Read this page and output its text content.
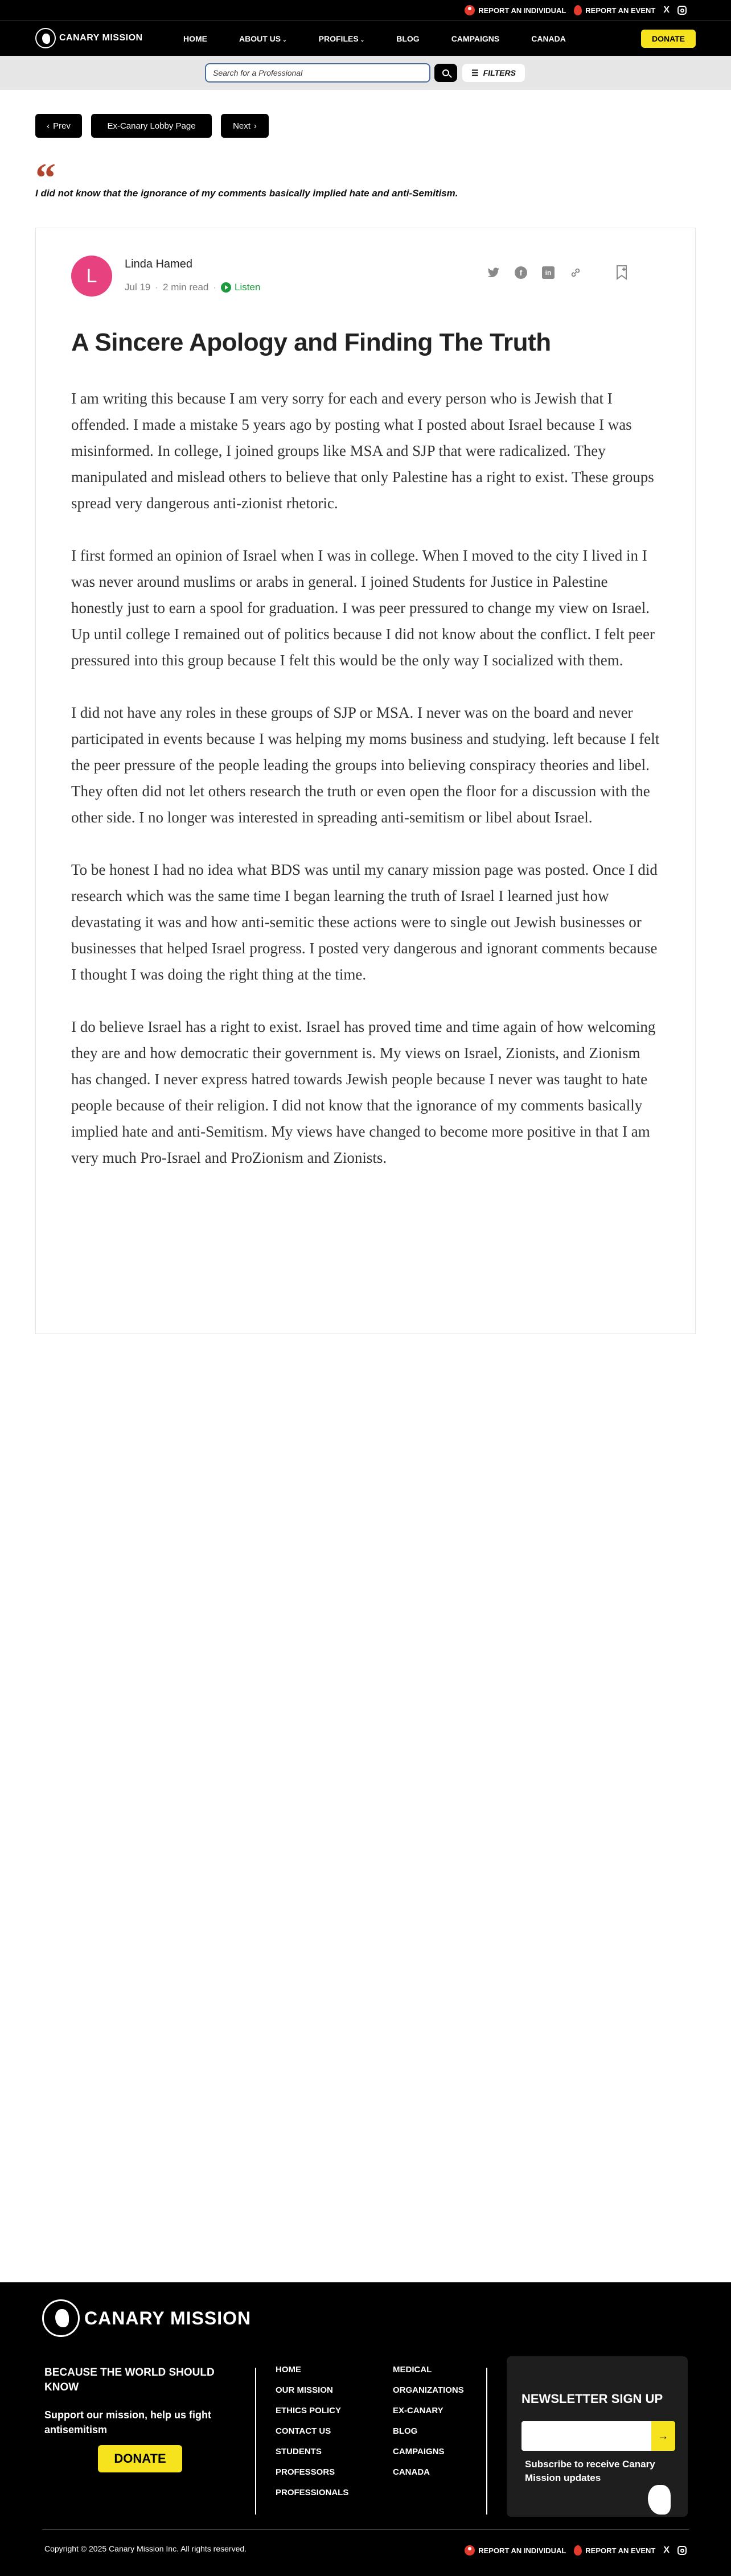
REPORT AN INDIVIDUAL	REPORT AN EVENT X
CANARY MISSION	HOME	ABOUT US ⌄	PROFILES ⌄	BLOG	CAMPAIGNS	CANADA	DONATE
Search for a Professional	☰ FILTERS
‹ Prev	Ex-Canary Lobby Page	Next ›
“
I did not know that the ignorance of my comments basically implied hate and anti-Semitism.
L
Linda Hamed
Jul 19 · 2 min read · Listen
f	in
A Sincere Apology and Finding The Truth

I am writing this because I am very sorry for each and every person who is Jewish that I offended. I made a mistake 5 years ago by posting what I posted about Israel because I was misinformed. In college, I joined groups like MSA and SJP that were radicalized. They manipulated and mislead others to believe that only Palestine has a right to exist. These groups spread very dangerous anti-zionist rhetoric.

I first formed an opinion of Israel when I was in college. When I moved to the city I lived in I was never around muslims or arabs in general. I joined Students for Justice in Palestine honestly just to earn a spool for graduation. I was peer pressured to change my view on Israel. Up until college I remained out of politics because I did not know about the conflict. I felt peer pressured into this group because I felt this would be the only way I socialized with them.

I did not have any roles in these groups of SJP or MSA. I never was on the board and never participated in events because I was helping my moms business and studying. left because I felt the peer pressure of the people leading the groups into believing conspiracy theories and libel. They often did not let others research the truth or even open the floor for a discussion with the other side. I no longer was interested in spreading anti-semitism or libel about Israel.

To be honest I had no idea what BDS was until my canary mission page was posted. Once I did research which was the same time I began learning the truth of Israel I learned just how devastating it was and how anti-semitic these actions were to single out Jewish businesses or businesses that helped Israel progress. I posted very dangerous and ignorant comments because I thought I was doing the right thing at the time.

I do believe Israel has a right to exist. Israel has proved time and time again of how welcoming they are and how democratic their government is. My views on Israel, Zionists, and Zionism has changed. I never express hatred towards Jewish people because I never was taught to hate people because of their religion. I did not know that the ignorance of my comments basically implied hate and anti-Semitism. My views have changed to become more positive in that I am very much Pro-Israel and ProZionism and Zionists.

CANARY MISSION
BECAUSE THE WORLD SHOULD KNOW
Support our mission, help us fight antisemitism
DONATE
HOME
OUR MISSION
ETHICS POLICY
CONTACT US
STUDENTS
PROFESSORS
PROFESSIONALS
MEDICAL
ORGANIZATIONS
EX-CANARY
BLOG
CAMPAIGNS
CANADA
NEWSLETTER SIGN UP
→
Subscribe to receive Canary Mission updates
Copyright © 2025 Canary Mission Inc. All rights reserved.	REPORT AN INDIVIDUAL	REPORT AN EVENT X
